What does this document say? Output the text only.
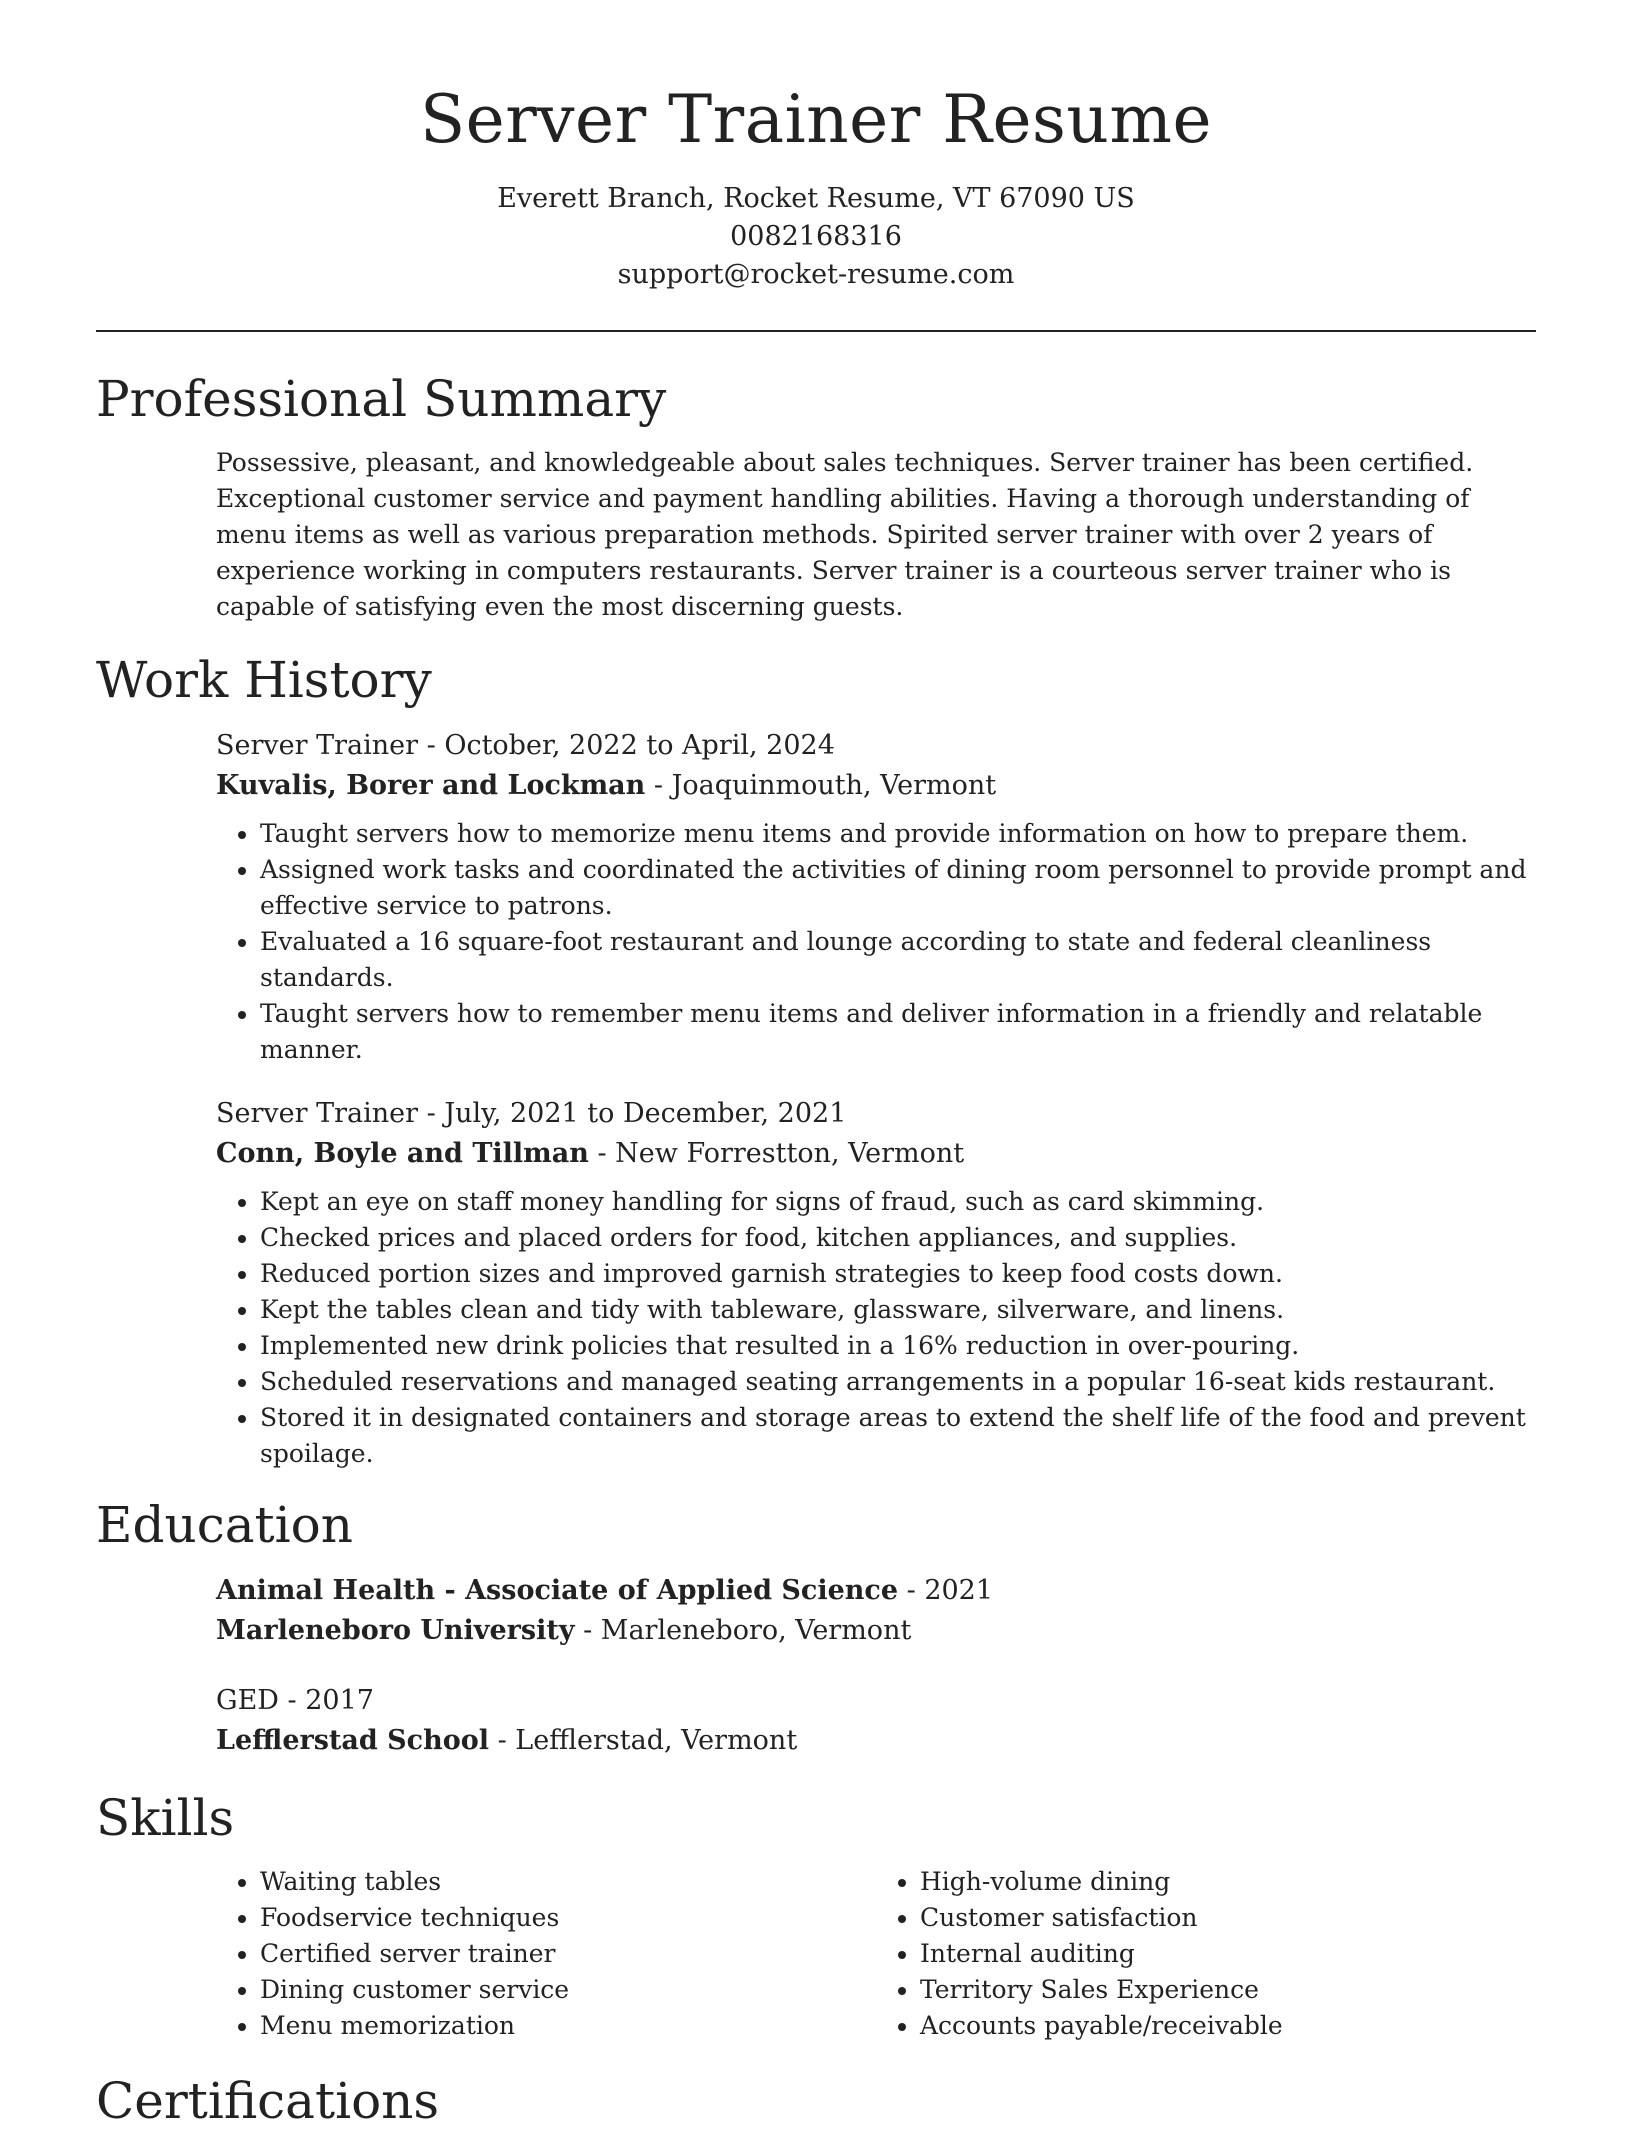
Server Trainer Resume

Everett Branch, Rocket Resume, VT 67090 US

0082168316

support@rocket-resume.com

Professional Summary

Possessive, pleasant, and knowledgeable about sales techniques. Server trainer has been certified. Exceptional customer service and payment handling abilities. Having a thorough understanding of menu items as well as various preparation methods. Spirited server trainer with over 2 years of experience working in computers restaurants. Server trainer is a courteous server trainer who is capable of satisfying even the most discerning guests.

Work History

Server Trainer - October, 2022 to April, 2024

Kuvalis, Borer and Lockman - Joaquinmouth, Vermont

• Taught servers how to memorize menu items and provide information on how to prepare them.
• Assigned work tasks and coordinated the activities of dining room personnel to provide prompt and effective service to patrons.
• Evaluated a 16 square-foot restaurant and lounge according to state and federal cleanliness standards.
• Taught servers how to remember menu items and deliver information in a friendly and relatable manner.

Server Trainer - July, 2021 to December, 2021

Conn, Boyle and Tillman - New Forrestton, Vermont

• Kept an eye on staff money handling for signs of fraud, such as card skimming.
• Checked prices and placed orders for food, kitchen appliances, and supplies.
• Reduced portion sizes and improved garnish strategies to keep food costs down.
• Kept the tables clean and tidy with tableware, glassware, silverware, and linens.
• Implemented new drink policies that resulted in a 16% reduction in over-pouring.
• Scheduled reservations and managed seating arrangements in a popular 16-seat kids restaurant.
• Stored it in designated containers and storage areas to extend the shelf life of the food and prevent spoilage.
Education

Animal Health - Associate of Applied Science - 2021

Marleneboro University - Marleneboro, Vermont

GED - 2017

Lefflerstad School - Lefflerstad, Vermont

Skills
• Waiting tables
• Foodservice techniques
• Certified server trainer
• Dining customer service
• Menu memorization
• High-volume dining
• Customer satisfaction
• Internal auditing
• Territory Sales Experience
• Accounts payable/receivable
Certifications
